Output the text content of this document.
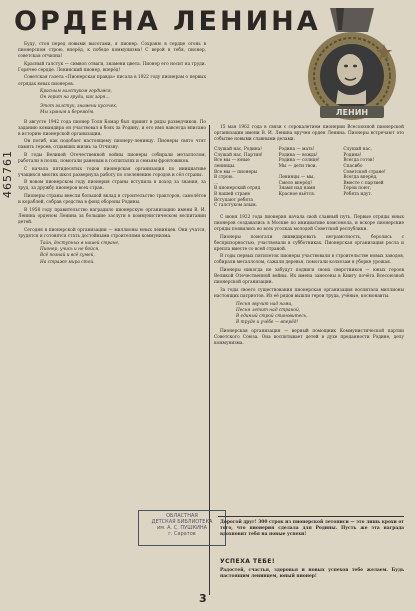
ОРДЕНА ЛЕНИНА
ЛЕНИН
465761

Буду, стоя перед новыми высотами, я пионер. Сохраню в сердце огонь в пионерском строю, вперёд, к победе коммунизма! С верой в тебя, пионер, советская отчизна!

Красный галстук — символ отваги, знамени цвета. Пионер его носит на груди. Горячее сердце. Ленинский пионер, вперёд!

Советская газета «Пионерская правда» писала в 1922 году пионерам о первых отрядах юных пионеров.

Красным галстуком гордимся,
Он горит на груди, как заря…
Этот галстук, знамени кусочек,
Мы храним и бережём.

В августе 1942 года пионер Толя Комар был принят в ряды разведчиков. По заданию командира он участвовал в боях за Родину, и его имя навсегда вписано в историю пионерской организации.

Он погиб, как подобает настоящему пионеру-ленинцу. Пионеры свято чтят память героев, отдавших жизнь за Отчизну.

В годы Великой Отечественной войны пионеры собирали металлолом, работали в полях, помогали раненым в госпиталях и семьям фронтовиков.

С начала пятидесятых годов пионерская организация по инициативе учащихся многих школ развернула работу по озеленению городов и сёл страны.

В новом пионерском году пионерия страны вступила в поход за знания, за труд, за дружбу пионеров всех стран.

Пионеры страны внесли большой вклад в строительство тракторов, самолётов и кораблей, собрав средства в фонд обороны Родины.

В 1958 году правительство наградило пионерскую организацию имени В. И. Ленина орденом Ленина за большие заслуги в коммунистическом воспитании детей.

Сегодня в пионерской организации — миллионы юных ленинцев. Они учатся, трудятся и готовятся стать достойными строителями коммунизма.

Тайн, доступных в нашей стране,
Пионер, учись и не бойся,
Всё познай и всё сумей,
На страже мира стой.

15 мая 1962 года в связи с сорокалетием пионерии Всесоюзной пионерской организации имени В. И. Ленина вручен орден Ленина. Пионеры встречают это событие новыми славными делами.

Слушай нас, Родина!
Слушай нас, Партия!
Все мы — юные
ленинцы.
Все мы — пионеры
В строю.
…
В пионерский отряд
В нашей стране
Вступают ребята
С галстуком алым.
Родина — мать!
Родина — вождь!
Родина — солнце!
Мы — дети твои.

Ленинцы — мы,
Смело вперёд!
Знамя над нами
Красное вьётся.
Слушай нас,
Родина!
Всегда готов!
Спасибо
Советской стране!
Всегда вперёд,
Вместе с партией
Герои поют,
Ребята идут.

С июня 1922 года пионерия начала свой славный путь. Первые отряды юных пионеров создавались в Москве по инициативе комсомола, и вскоре пионерские отряды появились во всех уголках молодой Советской республики.

Пионеры помогали ликвидировать неграмотность, боролись с беспризорностью, участвовали в субботниках. Пионерская организация росла и крепла вместе со всей страной.

В годы первых пятилеток пионеры участвовали в строительстве новых заводов, собирали металлолом, сажали деревья, помогали колхозам в уборке урожая.

Пионеры никогда не забудут подвиги своих сверстников — юных героев Великой Отечественной войны. Их имена занесены в Книгу почёта Всесоюзной пионерской организации.

За годы своего существования пионерская организация воспитала миллионы настоящих патриотов. Из её рядов вышли герои труда, учёные, космонавты.

Песня звучит над нами,
Песня летит над страной,
В единый строй становитесь,
В труде и учёбе — вперёд!

Пионерская организация — верный помощник Коммунистической партии Советского Союза. Она воспитывает детей в духе преданности Родине, делу коммунизма.

ОБЛАСТНАЯ
ДЕТСКАЯ БИБЛИОТЕКА
им. А. С. ПУШКИНА
г. Саратов
Дорогой друг! 300 строк из пионерской летописи — это лишь крохи от того, что пионерия сделала для Родины. Пусть же эта награда вдохновит тебя на новые успехи!
УСПЕХА ТЕБЕ!
Радостей, счастья, здоровья и новых успехов тебе желаем. Будь настоящим ленинцем, юный пионер!
3
